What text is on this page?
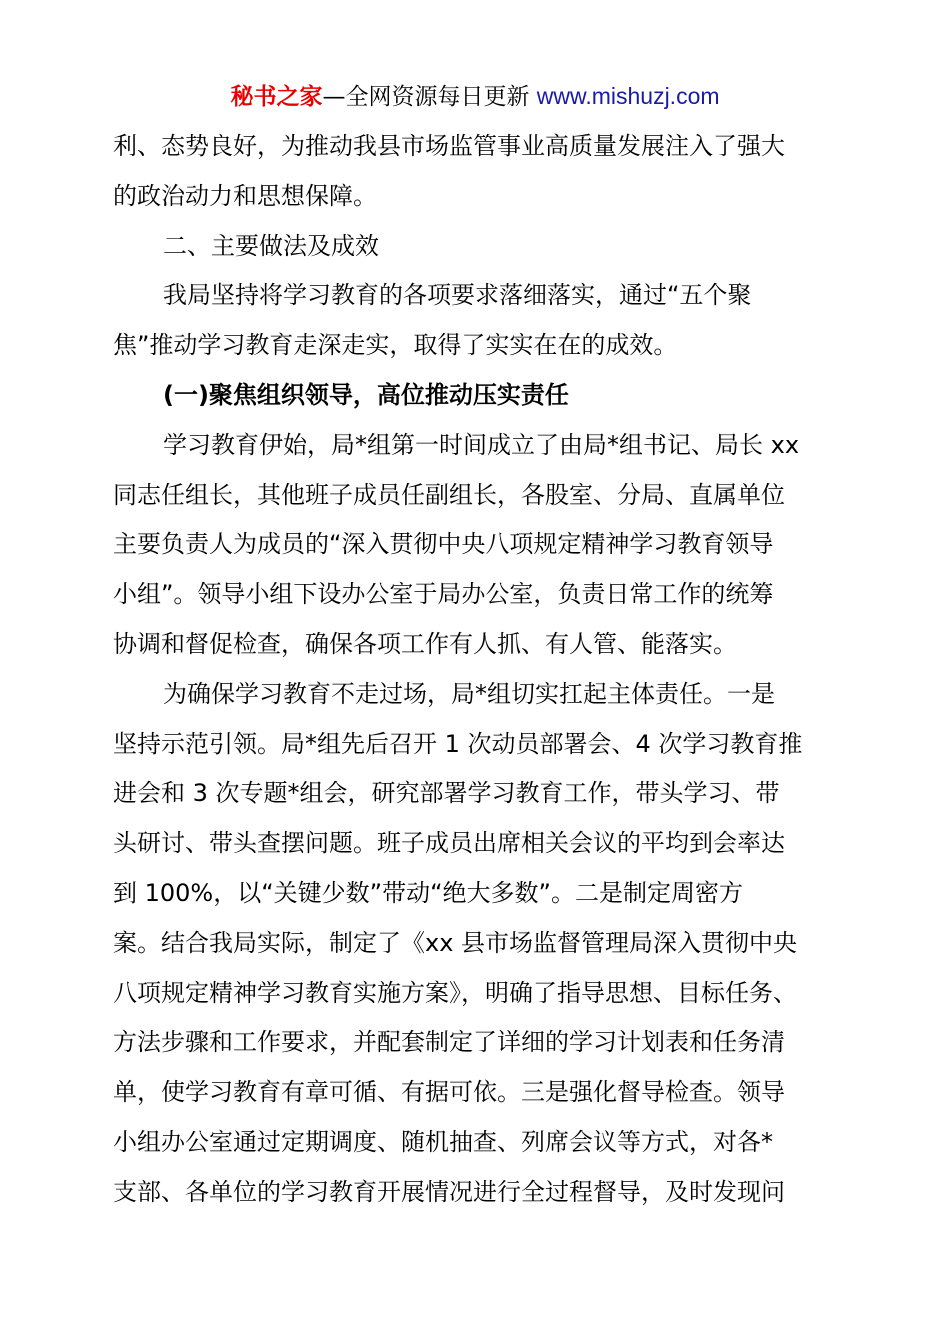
秘书之家—全网资源每日更新 www.mishuzj.com
利、态势良好，为推动我县市场监管事业高质量发展注入了强大
的政治动力和思想保障。
二、主要做法及成效
我局坚持将学习教育的各项要求落细落实，通过“五个聚
焦”推动学习教育走深走实，取得了实实在在的成效。
(一)聚焦组织领导，高位推动压实责任
学习教育伊始，局*组第一时间成立了由局*组书记、局长 xx
同志任组长，其他班子成员任副组长，各股室、分局、直属单位
主要负责人为成员的“深入贯彻中央八项规定精神学习教育领导
小组”。领导小组下设办公室于局办公室，负责日常工作的统筹
协调和督促检查，确保各项工作有人抓、有人管、能落实。
为确保学习教育不走过场，局*组切实扛起主体责任。一是
坚持示范引领。局*组先后召开 1 次动员部署会、4 次学习教育推
进会和 3 次专题*组会，研究部署学习教育工作，带头学习、带
头研讨、带头查摆问题。班子成员出席相关会议的平均到会率达
到 100%，以“关键少数”带动“绝大多数”。二是制定周密方
案。结合我局实际，制定了《xx 县市场监督管理局深入贯彻中央
八项规定精神学习教育实施方案》，明确了指导思想、目标任务、
方法步骤和工作要求，并配套制定了详细的学习计划表和任务清
单，使学习教育有章可循、有据可依。三是强化督导检查。领导
小组办公室通过定期调度、随机抽查、列席会议等方式，对各*
支部、各单位的学习教育开展情况进行全过程督导，及时发现问
